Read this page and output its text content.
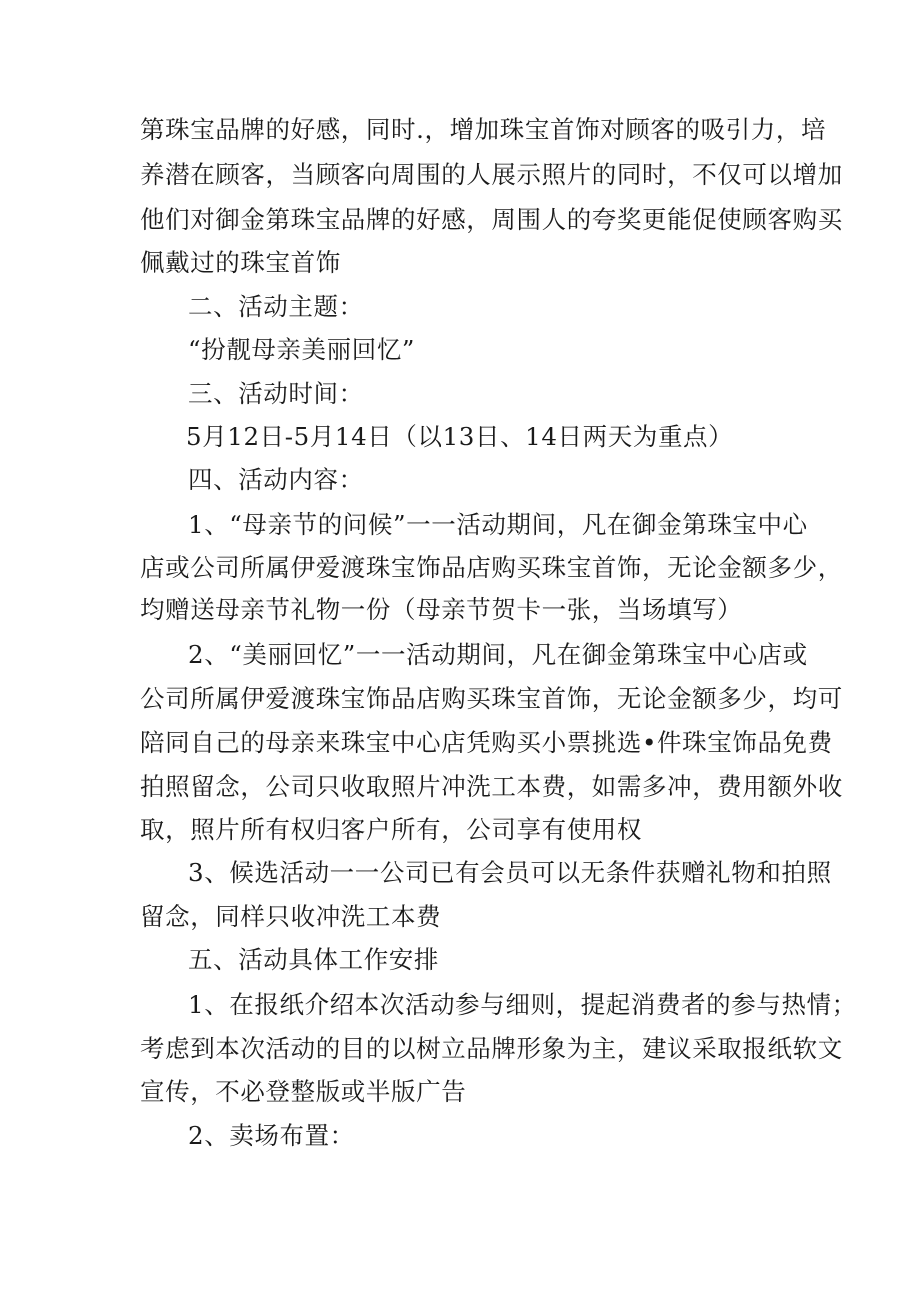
第珠宝品牌的好感，同时.，增加珠宝首饰对顾客的吸引力，培
养潜在顾客，当顾客向周围的人展示照片的同时，不仅可以增加
他们对御金第珠宝品牌的好感，周围人的夸奖更能促使顾客购买
佩戴过的珠宝首饰
二、活动主题：
“扮靓母亲美丽回忆”
三、活动时间：
5月12日-5月14日（以13日、14日两天为重点）
四、活动内容：
1、“母亲节的问候”一一活动期间，凡在御金第珠宝中心
店或公司所属伊爱渡珠宝饰品店购买珠宝首饰，无论金额多少，
均赠送母亲节礼物一份（母亲节贺卡一张，当场填写）
2、“美丽回忆”一一活动期间，凡在御金第珠宝中心店或
公司所属伊爱渡珠宝饰品店购买珠宝首饰，无论金额多少，均可
陪同自己的母亲来珠宝中心店凭购买小票挑选•件珠宝饰品免费
拍照留念，公司只收取照片冲洗工本费，如需多冲，费用额外收
取，照片所有权归客户所有，公司享有使用权
3、候选活动一一公司已有会员可以无条件获赠礼物和拍照
留念，同样只收冲洗工本费
五、活动具体工作安排
1、在报纸介绍本次活动参与细则，提起消费者的参与热情；
考虑到本次活动的目的以树立品牌形象为主，建议采取报纸软文
宣传，不必登整版或半版广告
2、卖场布置：
